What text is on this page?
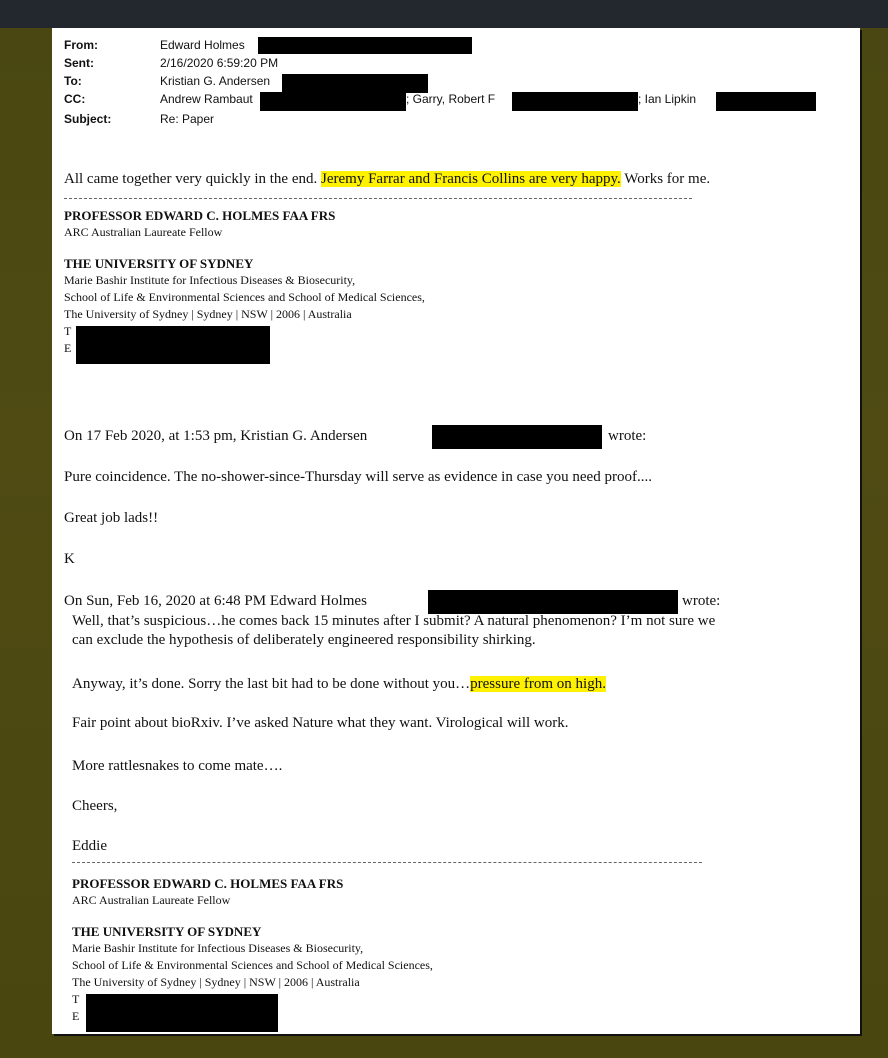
From:	Edward Holmes
Sent:	2/16/2020 6:59:20 PM
To:	Kristian G. Andersen
CC:	Andrew Rambaut	; Garry, Robert F	; Ian Lipkin
Subject:	Re: Paper
All came together very quickly in the end. Jeremy Farrar and Francis Collins are very happy. Works for me.
PROFESSOR EDWARD C. HOLMES FAA FRS
ARC Australian Laureate Fellow
THE UNIVERSITY OF SYDNEY
Marie Bashir Institute for Infectious Diseases & Biosecurity,
School of Life & Environmental Sciences and School of Medical Sciences,
The University of Sydney | Sydney | NSW | 2006 | Australia
T
E
On 17 Feb 2020, at 1:53 pm, Kristian G. Andersen	wrote:
Pure coincidence. The no-shower-since-Thursday will serve as evidence in case you need proof....
Great job lads!!
K
On Sun, Feb 16, 2020 at 6:48 PM Edward Holmes	wrote:
Well, that’s suspicious…he comes back 15 minutes after I submit? A natural phenomenon? I’m not sure we
can exclude the hypothesis of deliberately engineered responsibility shirking.
Anyway, it’s done. Sorry the last bit had to be done without you…pressure from on high.
Fair point about bioRxiv. I’ve asked Nature what they want. Virological will work.
More rattlesnakes to come mate….
Cheers,
Eddie
PROFESSOR EDWARD C. HOLMES FAA FRS
ARC Australian Laureate Fellow
THE UNIVERSITY OF SYDNEY
Marie Bashir Institute for Infectious Diseases & Biosecurity,
School of Life & Environmental Sciences and School of Medical Sciences,
The University of Sydney | Sydney | NSW | 2006 | Australia
T
E
